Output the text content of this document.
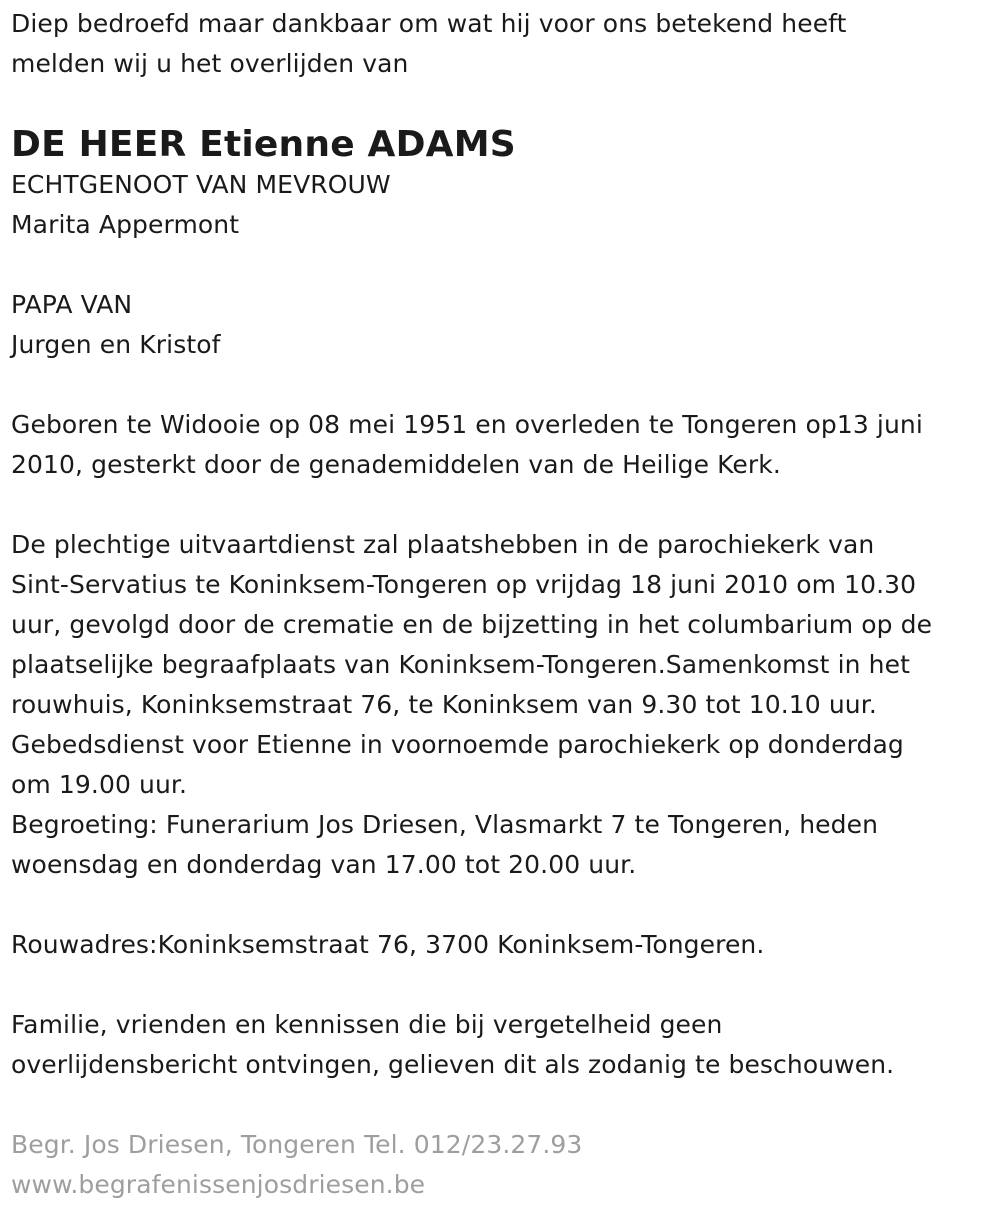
Diep bedroefd maar dankbaar om wat hij voor ons betekend heeft
melden wij u het overlijden van
DE HEER Etienne ADAMS
ECHTGENOOT VAN MEVROUW
Marita Appermont
PAPA VAN
Jurgen en Kristof
Geboren te Widooie op 08 mei 1951 en overleden te Tongeren op13 juni
2010, gesterkt door de genademiddelen van de Heilige Kerk.
De plechtige uitvaartdienst zal plaatshebben in de parochiekerk van
Sint-Servatius te Koninksem-Tongeren op vrijdag 18 juni 2010 om 10.30
uur, gevolgd door de crematie en de bijzetting in het columbarium op de
plaatselijke begraafplaats van Koninksem-Tongeren.Samenkomst in het
rouwhuis, Koninksemstraat 76, te Koninksem van 9.30 tot 10.10 uur.
Gebedsdienst voor Etienne in voornoemde parochiekerk op donderdag
om 19.00 uur.
Begroeting: Funerarium Jos Driesen, Vlasmarkt 7 te Tongeren, heden
woensdag en donderdag van 17.00 tot 20.00 uur.
Rouwadres:Koninksemstraat 76, 3700 Koninksem-Tongeren.
Familie, vrienden en kennissen die bij vergetelheid geen
overlijdensbericht ontvingen, gelieven dit als zodanig te beschouwen.
Begr. Jos Driesen, Tongeren Tel. 012/23.27.93
www.begrafenissenjosdriesen.be
